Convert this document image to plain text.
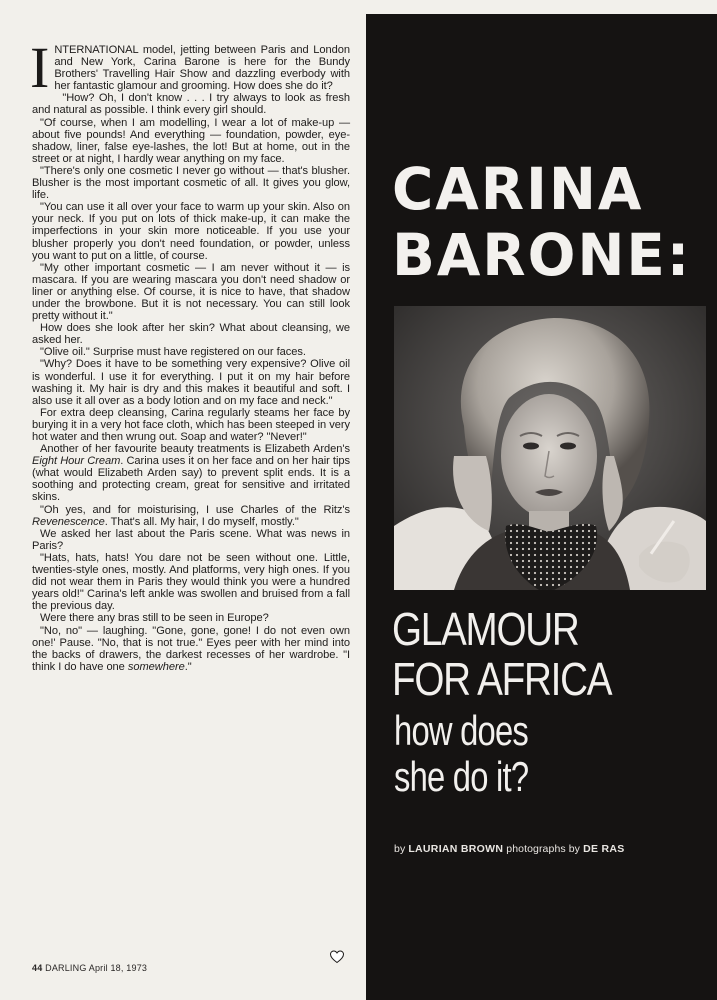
I NTERNATIONAL model, jetting between Paris and London and New York, Carina Barone is here for the Bundy Brothers' Travelling Hair Show and dazzling everbody with her fantastic glamour and grooming. How does she do it?

"How? Oh, I don't know . . . I try always to look as fresh and natural as possible. I think every girl should.

"Of course, when I am modelling, I wear a lot of make-up — about five pounds! And everything — foundation, powder, eye-shadow, liner, false eye-lashes, the lot! But at home, out in the street or at night, I hardly wear anything on my face.

"There's only one cosmetic I never go without — that's blusher. Blusher is the most important cosmetic of all. It gives you glow, life.

"You can use it all over your face to warm up your skin. Also on your neck. If you put on lots of thick make-up, it can make the imperfections in your skin more noticeable. If you use your blusher properly you don't need foundation, or powder, unless you want to put on a little, of course.

"My other important cosmetic — I am never without it — is mascara. If you are wearing mascara you don't need shadow or liner or anything else. Of course, it is nice to have, that shadow under the browbone. But it is not necessary. You can still look pretty without it."

How does she look after her skin? What about cleansing, we asked her.

"Olive oil." Surprise must have registered on our faces.

"Why? Does it have to be something very expensive? Olive oil is wonderful. I use it for everything. I put it on my hair before washing it. My hair is dry and this makes it beautiful and soft. I also use it all over as a body lotion and on my face and neck."

For extra deep cleansing, Carina regularly steams her face by burying it in a very hot face cloth, which has been steeped in very hot water and then wrung out. Soap and water? "Never!"

Another of her favourite beauty treatments is Elizabeth Arden's Eight Hour Cream. Carina uses it on her face and on her hair tips (what would Elizabeth Arden say) to prevent split ends. It is a soothing and protecting cream, great for sensitive and irritated skins.

"Oh yes, and for moisturising, I use Charles of the Ritz's Revenescence. That's all. My hair, I do myself, mostly."

We asked her last about the Paris scene. What was news in Paris?

"Hats, hats, hats! You dare not be seen without one. Little, twenties-style ones, mostly. And platforms, very high ones. If you did not wear them in Paris they would think you were a hundred years old!" Carina's left ankle was swollen and bruised from a fall the previous day.

Were there any bras still to be seen in Europe?

"No, no" — laughing. "Gone, gone, gone! I do not even own one!' Pause. "No, that is not true." Eyes peer with her mind into the backs of drawers, the darkest recesses of her wardrobe. "I think I do have one somewhere."

44 DARLING April 18, 1973
CARINA
BARONE:
GLAMOUR
FOR AFRICA
how does
she do it?
by LAURIAN BROWN photographs by DE RAS
